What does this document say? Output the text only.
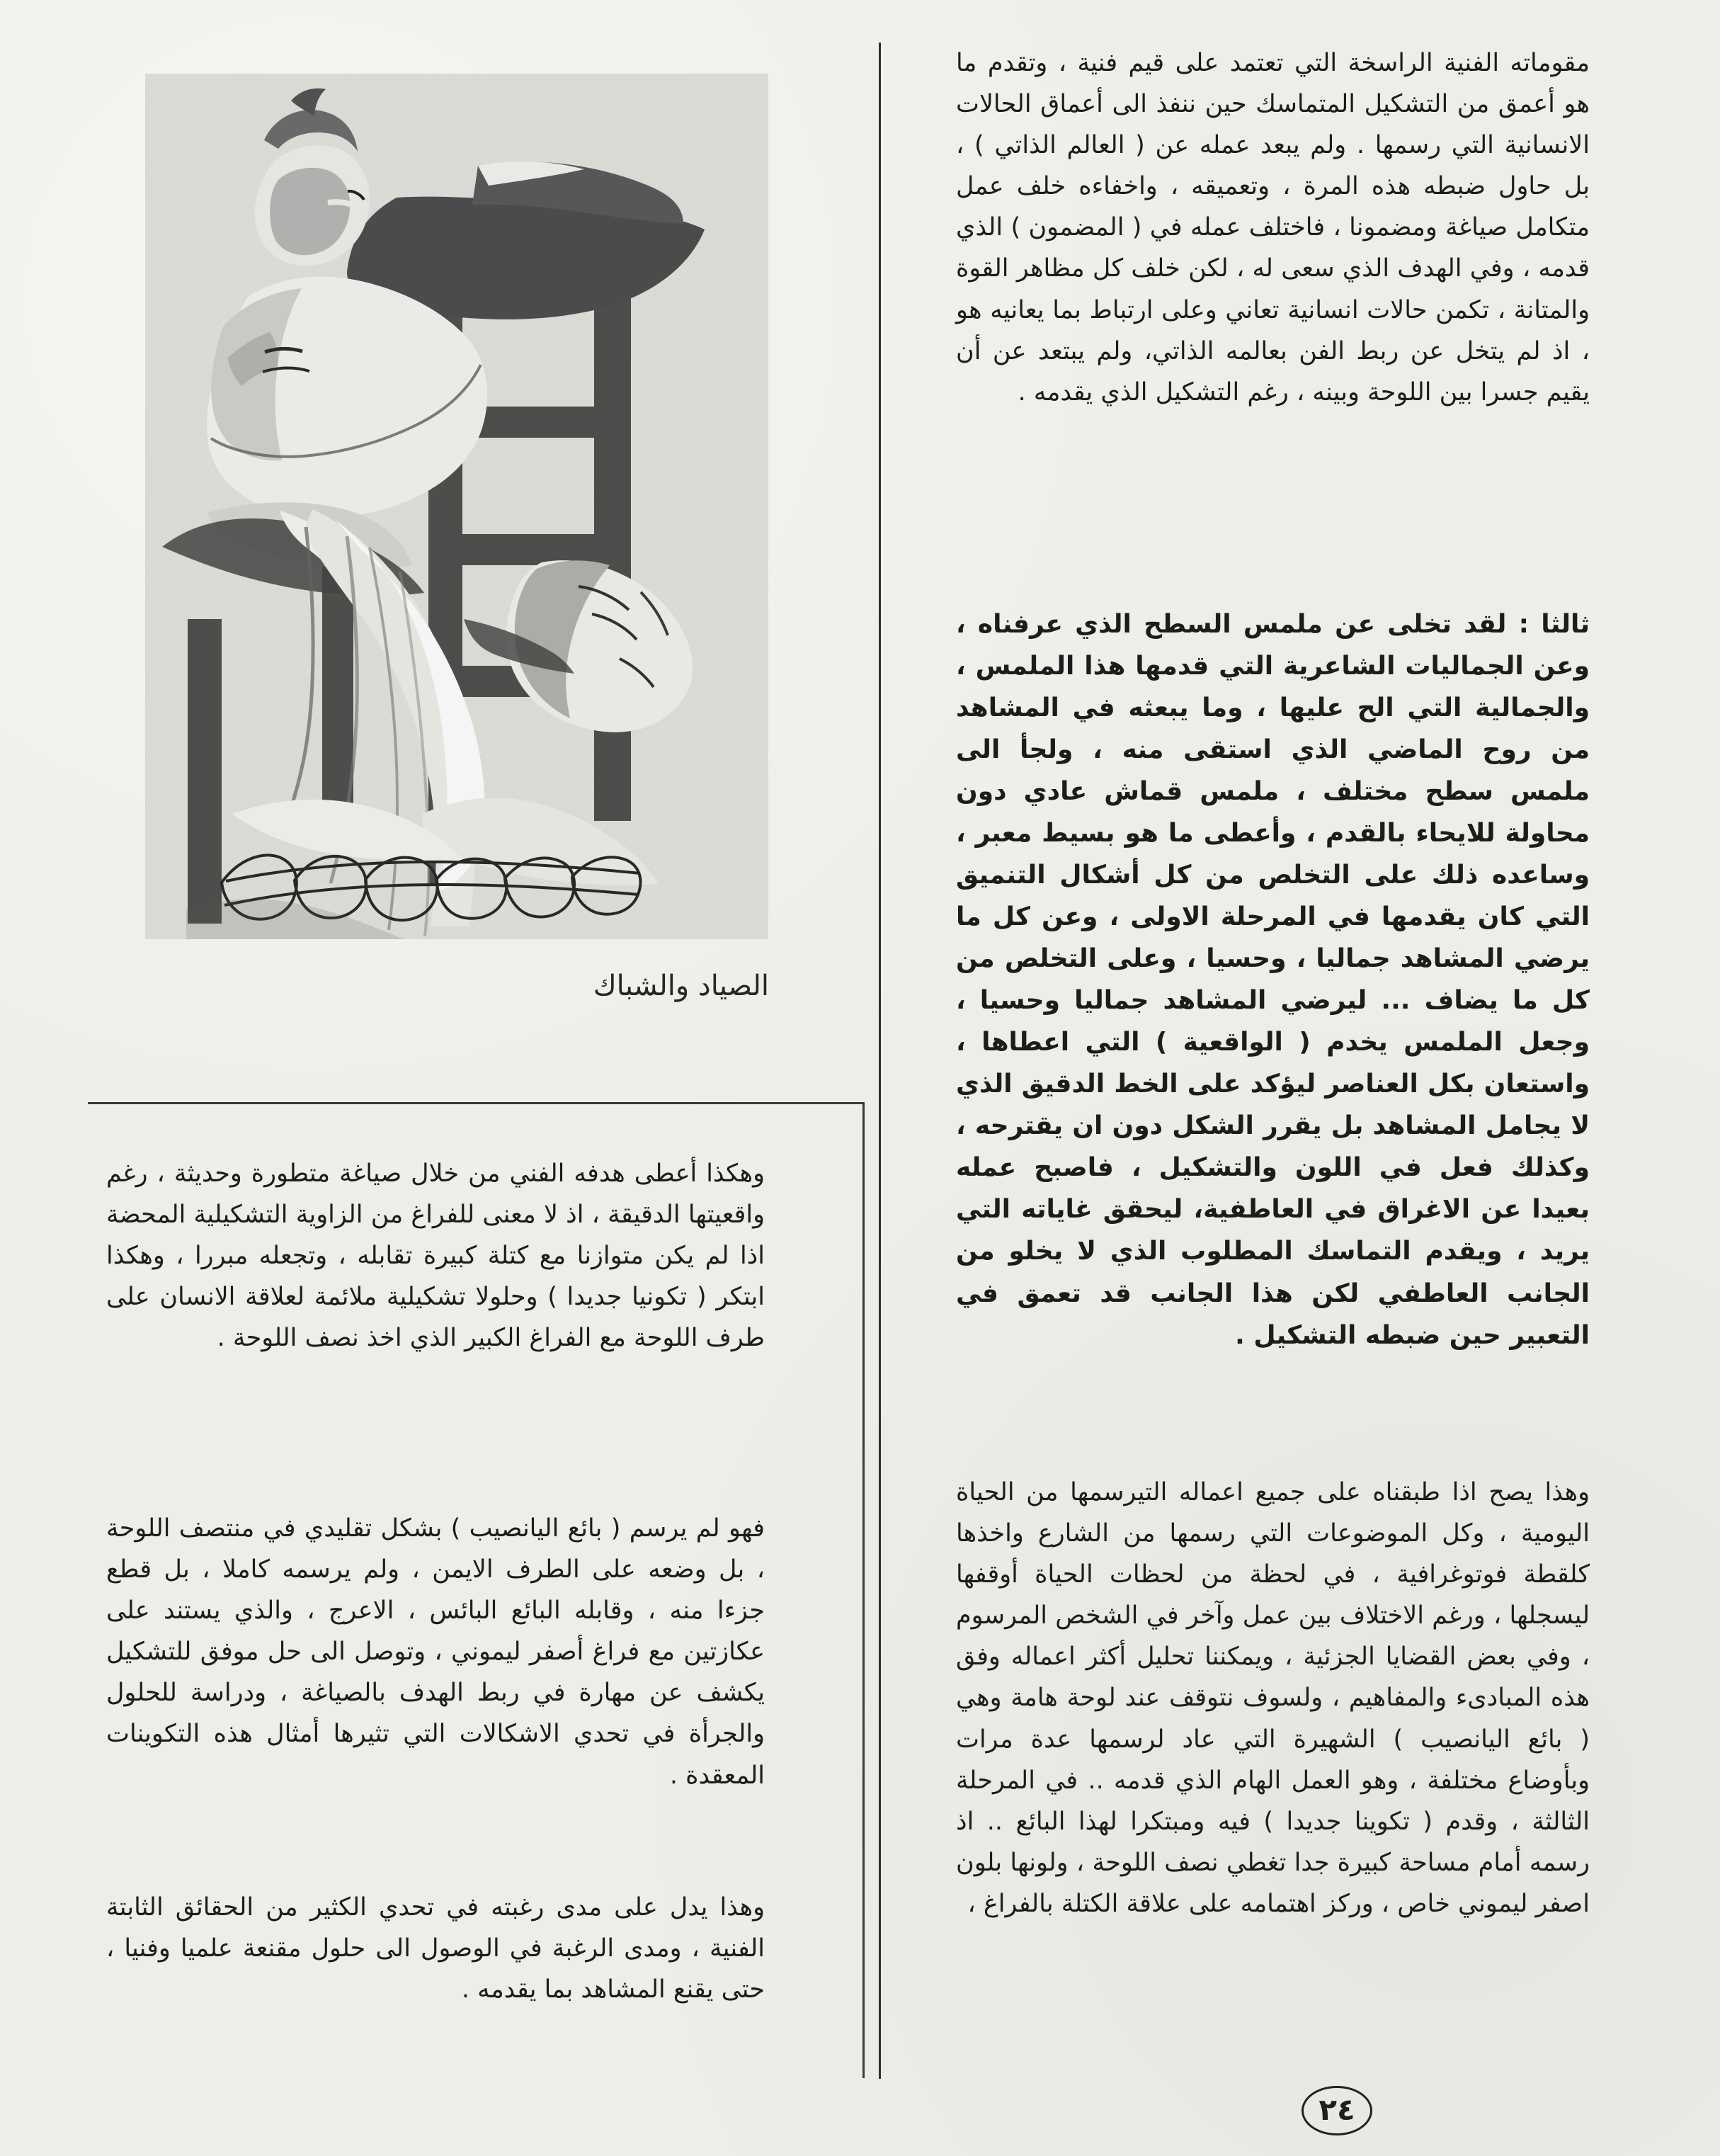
الصياد والشباك

مقوماته الفنية الراسخة التي تعتمد على قيم فنية ، وتقدم ما هو أعمق من التشكيل المتماسك حين ننفذ الى أعماق الحالات الانسانية التي رسمها . ولم يبعد عمله عن ( العالم الذاتي ) ، بل حاول ضبطه هذه المرة ، وتعميقه ، واخفاءه خلف عمل متكامل صياغة ومضمونا ، فاختلف عمله في ( المضمون ) الذي قدمه ، وفي الهدف الذي سعى له ، لكن خلف كل مظاهر القوة والمتانة ، تكمن حالات انسانية تعاني وعلى ارتباط بما يعانيه هو ، اذ لم يتخل عن ربط الفن بعالمه الذاتي، ولم يبتعد عن أن يقيم جسرا بين اللوحة وبينه ، رغم التشكيل الذي يقدمه .

ثالثا : لقد تخلى عن ملمس السطح الذي عرفناه ، وعن الجماليات الشاعرية التي قدمها هذا الملمس ، والجمالية التي الح عليها ، وما يبعثه في المشاهد من روح الماضي الذي استقى منه ، ولجأ الى ملمس سطح مختلف ، ملمس قماش عادي دون محاولة للايحاء بالقدم ، وأعطى ما هو بسيط معبر ، وساعده ذلك على التخلص من كل أشكال التنميق التي كان يقدمها في المرحلة الاولى ، وعن كل ما يرضي المشاهد جماليا ، وحسيا ، وعلى التخلص من كل ما يضاف ... ليرضي المشاهد جماليا وحسيا ، وجعل الملمس يخدم ( الواقعية ) التي اعطاها ، واستعان بكل العناصر ليؤكد على الخط الدقيق الذي لا يجامل المشاهد بل يقرر الشكل دون ان يقترحه ، وكذلك فعل في اللون والتشكيل ، فاصبح عمله بعيدا عن الاغراق في العاطفية، ليحقق غاياته التي يريد ، ويقدم التماسك المطلوب الذي لا يخلو من الجانب العاطفي لكن هذا الجانب قد تعمق في التعبير حين ضبطه التشكيل .

وهذا يصح اذا طبقناه على جميع اعماله التيرسمها من الحياة اليومية ، وكل الموضوعات التي رسمها من الشارع واخذها كلقطة فوتوغرافية ، في لحظة من لحظات الحياة أوقفها ليسجلها ، ورغم الاختلاف بين عمل وآخر في الشخص المرسوم ، وفي بعض القضايا الجزئية ، ويمكننا تحليل أكثر اعماله وفق هذه المبادىء والمفاهيم ، ولسوف نتوقف عند لوحة هامة وهي ( بائع اليانصيب ) الشهيرة التي عاد لرسمها عدة مرات وبأوضاع مختلفة ، وهو العمل الهام الذي قدمه .. في المرحلة الثالثة ، وقدم ( تكوينا جديدا ) فيه ومبتكرا لهذا البائع .. اذ رسمه أمام مساحة كبيرة جدا تغطي نصف اللوحة ، ولونها بلون اصفر ليموني خاص ، وركز اهتمامه على علاقة الكتلة بالفراغ ،

وهكذا أعطى هدفه الفني من خلال صياغة متطورة وحديثة ، رغم واقعيتها الدقيقة ، اذ لا معنى للفراغ من الزاوية التشكيلية المحضة اذا لم يكن متوازنا مع كتلة كبيرة تقابله ، وتجعله مبررا ، وهكذا ابتكر ( تكونيا جديدا ) وحلولا تشكيلية ملائمة لعلاقة الانسان على طرف اللوحة مع الفراغ الكبير الذي اخذ نصف اللوحة .

فهو لم يرسم ( بائع اليانصيب ) بشكل تقليدي في منتصف اللوحة ، بل وضعه على الطرف الايمن ، ولم يرسمه كاملا ، بل قطع جزءا منه ، وقابله البائع البائس ، الاعرج ، والذي يستند على عكازتين مع فراغ أصفر ليموني ، وتوصل الى حل موفق للتشكيل يكشف عن مهارة في ربط الهدف بالصياغة ، ودراسة للحلول والجرأة في تحدي الاشكالات التي تثيرها أمثال هذه التكوينات المعقدة .

وهذا يدل على مدى رغبته في تحدي الكثير من الحقائق الثابتة الفنية ، ومدى الرغبة في الوصول الى حلول مقنعة علميا وفنيا ، حتى يقنع المشاهد بما يقدمه .

٢٤
